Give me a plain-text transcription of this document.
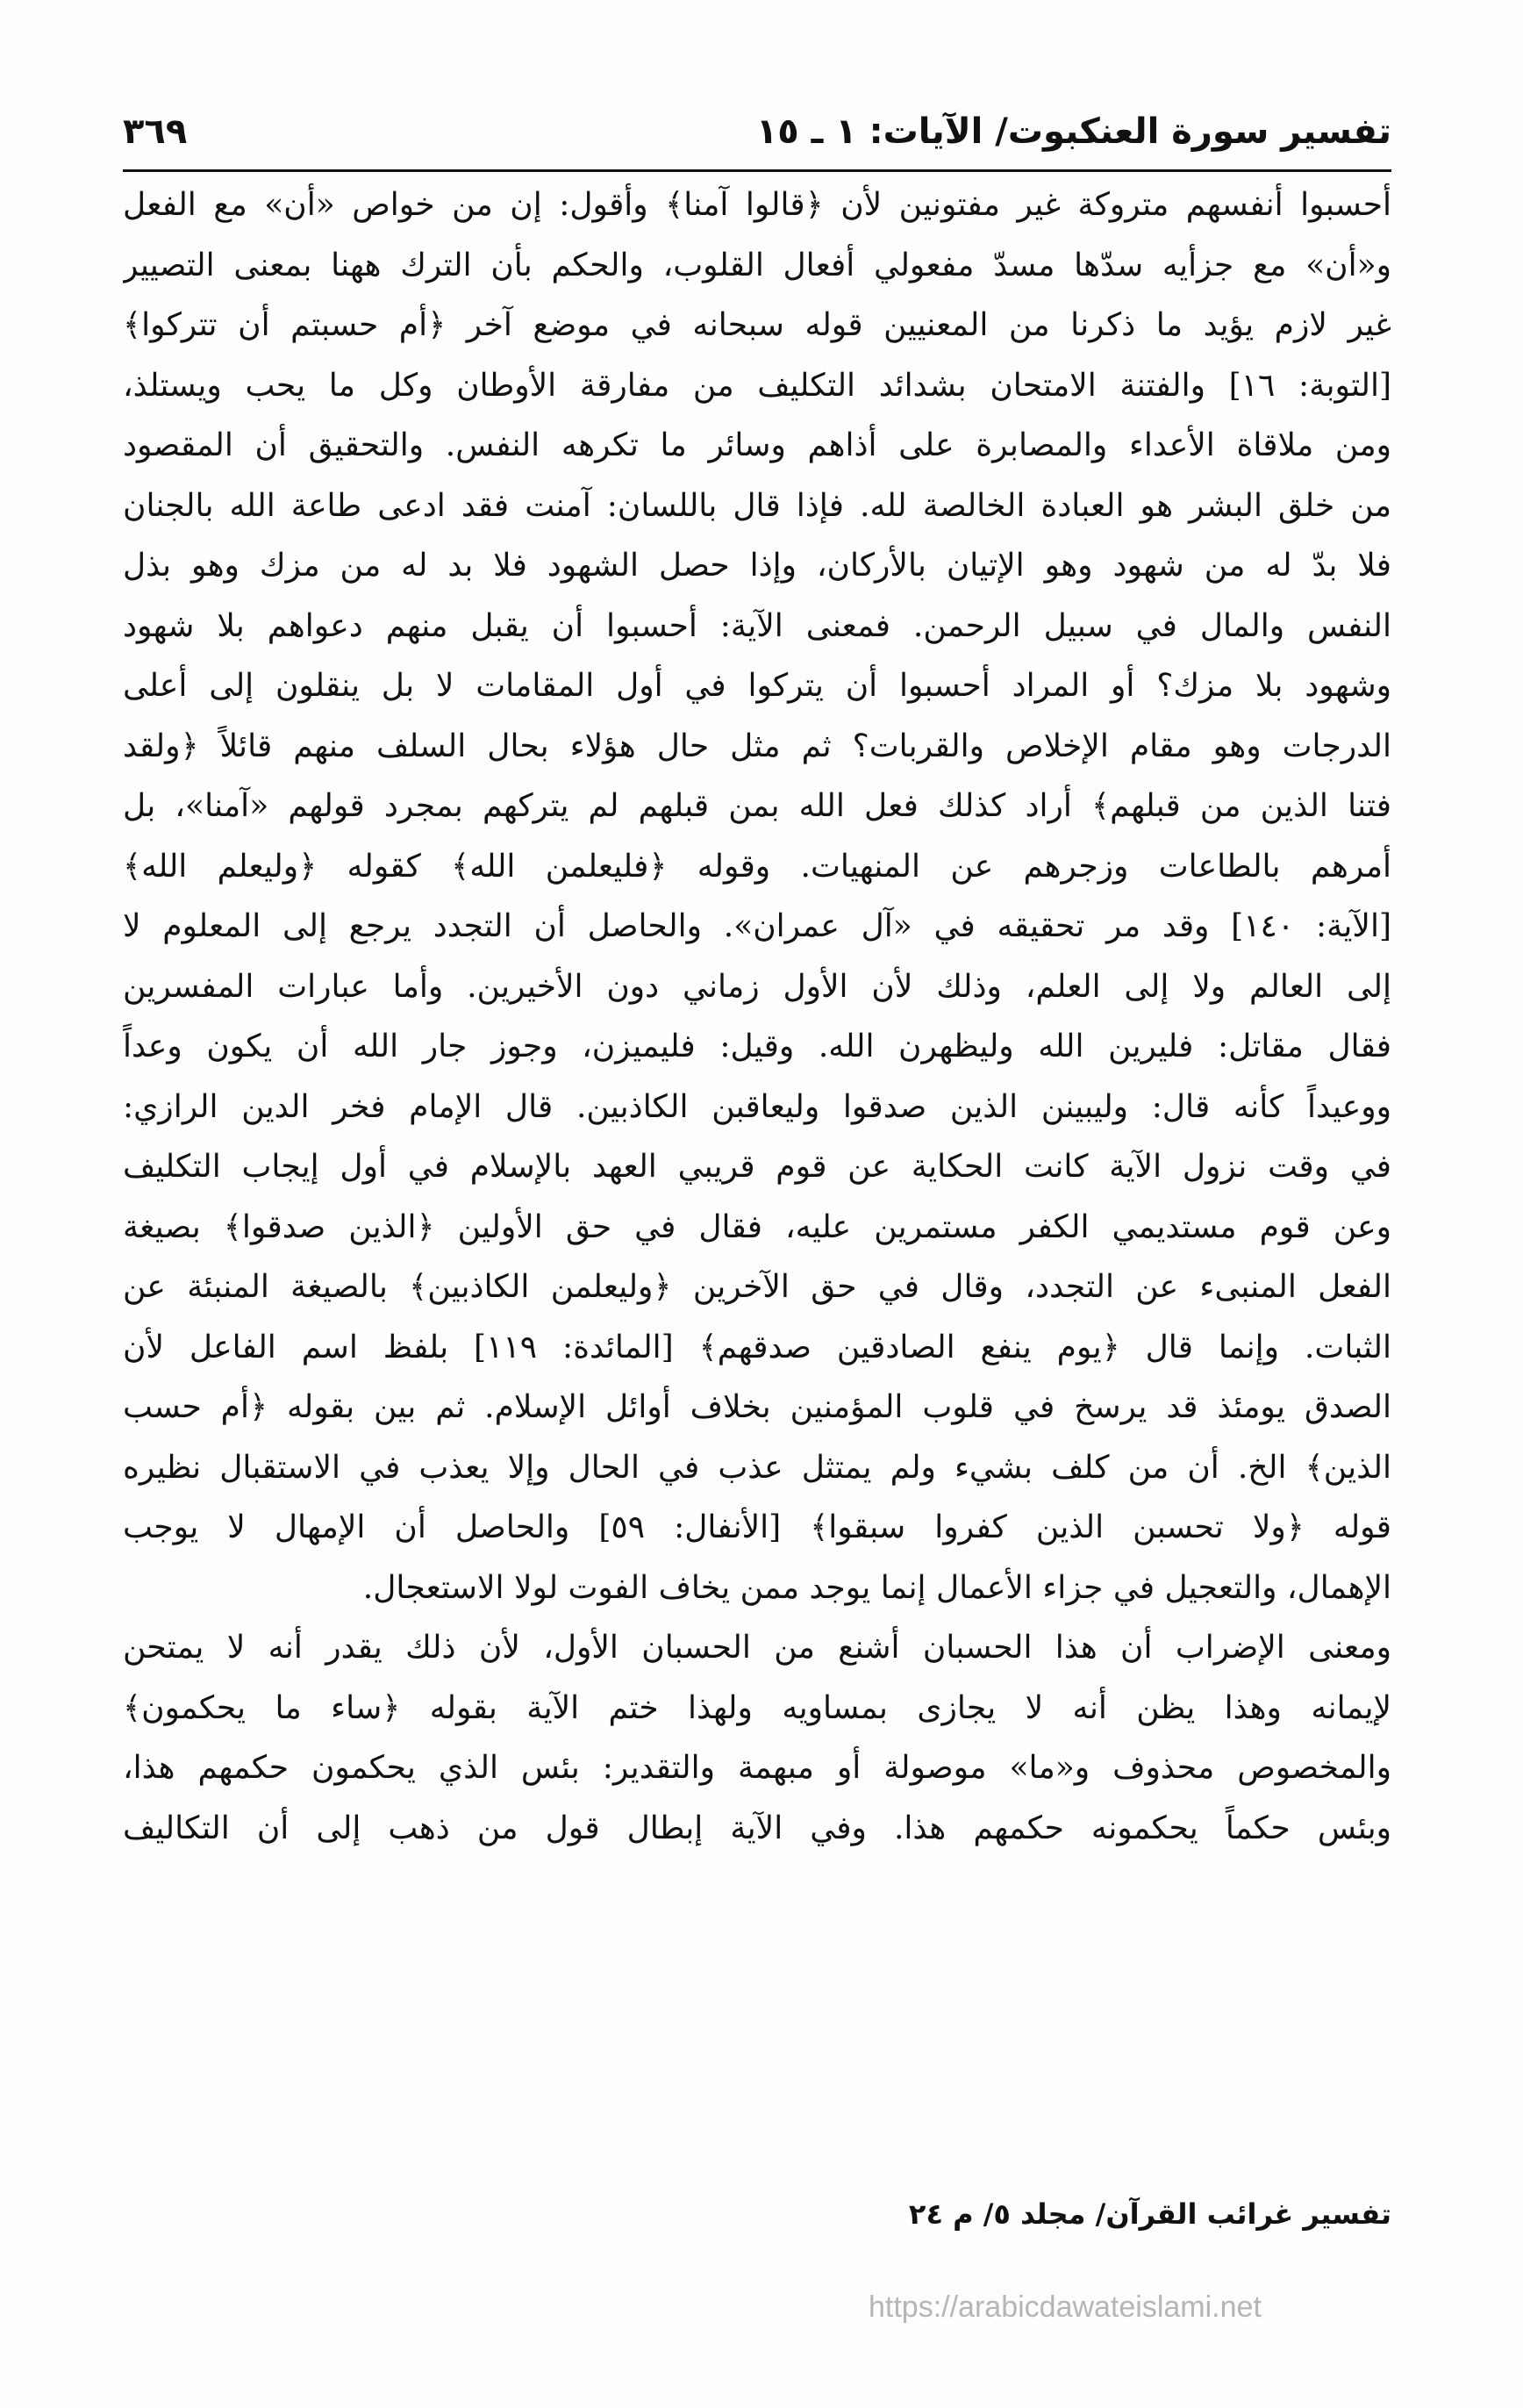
تفسير سورة العنكبوت/ الآيات: ١ ـ ١٥
٣٦٩
أحسبوا أنفسهم متروكة غير مفتونين لأن ﴿قالوا آمنا﴾ وأقول: إن من خواص «أن» مع الفعل
و«أن» مع جزأيه سدّها مسدّ مفعولي أفعال القلوب، والحكم بأن الترك ههنا بمعنى التصيير
غير لازم يؤيد ما ذكرنا من المعنيين قوله سبحانه في موضع آخر ﴿أم حسبتم أن تتركوا﴾
[التوبة: ١٦] والفتنة الامتحان بشدائد التكليف من مفارقة الأوطان وكل ما يحب ويستلذ،
ومن ملاقاة الأعداء والمصابرة على أذاهم وسائر ما تكرهه النفس. والتحقيق أن المقصود
من خلق البشر هو العبادة الخالصة لله. فإذا قال باللسان: آمنت فقد ادعى طاعة الله بالجنان
فلا بدّ له من شهود وهو الإتيان بالأركان، وإذا حصل الشهود فلا بد له من مزك وهو بذل
النفس والمال في سبيل الرحمن. فمعنى الآية: أحسبوا أن يقبل منهم دعواهم بلا شهود
وشهود بلا مزك؟ أو المراد أحسبوا أن يتركوا في أول المقامات لا بل ينقلون إلى أعلى
الدرجات وهو مقام الإخلاص والقربات؟ ثم مثل حال هؤلاء بحال السلف منهم قائلاً ﴿ولقد
فتنا الذين من قبلهم﴾ أراد كذلك فعل الله بمن قبلهم لم يتركهم بمجرد قولهم «آمنا»، بل
أمرهم بالطاعات وزجرهم عن المنهيات. وقوله ﴿فليعلمن الله﴾ كقوله ﴿وليعلم الله﴾
[الآية: ١٤٠] وقد مر تحقيقه في «آل عمران». والحاصل أن التجدد يرجع إلى المعلوم لا
إلى العالم ولا إلى العلم، وذلك لأن الأول زماني دون الأخيرين. وأما عبارات المفسرين
فقال مقاتل: فليرين الله وليظهرن الله. وقيل: فليميزن، وجوز جار الله أن يكون وعداً
ووعيداً كأنه قال: وليبينن الذين صدقوا وليعاقبن الكاذبين. قال الإمام فخر الدين الرازي:
في وقت نزول الآية كانت الحكاية عن قوم قريبي العهد بالإسلام في أول إيجاب التكليف
وعن قوم مستديمي الكفر مستمرين عليه، فقال في حق الأولين ﴿الذين صدقوا﴾ بصيغة
الفعل المنبىء عن التجدد، وقال في حق الآخرين ﴿وليعلمن الكاذبين﴾ بالصيغة المنبئة عن
الثبات. وإنما قال ﴿يوم ينفع الصادقين صدقهم﴾ [المائدة: ١١٩] بلفظ اسم الفاعل لأن
الصدق يومئذ قد يرسخ في قلوب المؤمنين بخلاف أوائل الإسلام. ثم بين بقوله ﴿أم حسب
الذين﴾ الخ. أن من كلف بشيء ولم يمتثل عذب في الحال وإلا يعذب في الاستقبال نظيره
قوله ﴿ولا تحسبن الذين كفروا سبقوا﴾ [الأنفال: ٥٩] والحاصل أن الإمهال لا يوجب
الإهمال، والتعجيل في جزاء الأعمال إنما يوجد ممن يخاف الفوت لولا الاستعجال.
ومعنى الإضراب أن هذا الحسبان أشنع من الحسبان الأول، لأن ذلك يقدر أنه لا يمتحن
لإيمانه وهذا يظن أنه لا يجازى بمساويه ولهذا ختم الآية بقوله ﴿ساء ما يحكمون﴾
والمخصوص محذوف و«ما» موصولة أو مبهمة والتقدير: بئس الذي يحكمون حكمهم هذا،
وبئس حكماً يحكمونه حكمهم هذا. وفي الآية إبطال قول من ذهب إلى أن التكاليف
تفسير غرائب القرآن/ مجلد ٥/ م ٢٤
https://arabicdawateislami.net
